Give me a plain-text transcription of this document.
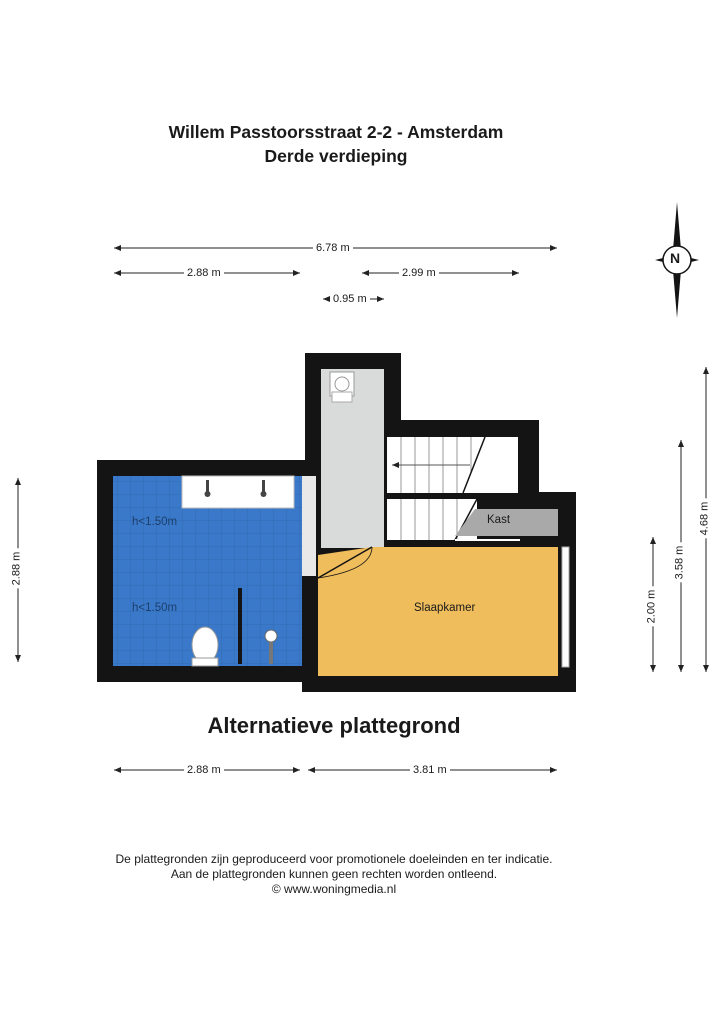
Willem Passtoorsstraat 2-2 - Amsterdam
Derde verdieping
N
6.78 m
2.88 m	2.99 m
0.95 m
2.88 m
2.00 m
3.58 m
4.68 m
h<1.50m
h<1.50m	Slaapkamer
Kast
Alternatieve plattegrond
2.88 m	3.81 m
De plattegronden zijn geproduceerd voor promotionele doeleinden en ter indicatie.
Aan de plattegronden kunnen geen rechten worden ontleend.
© www.woningmedia.nl
